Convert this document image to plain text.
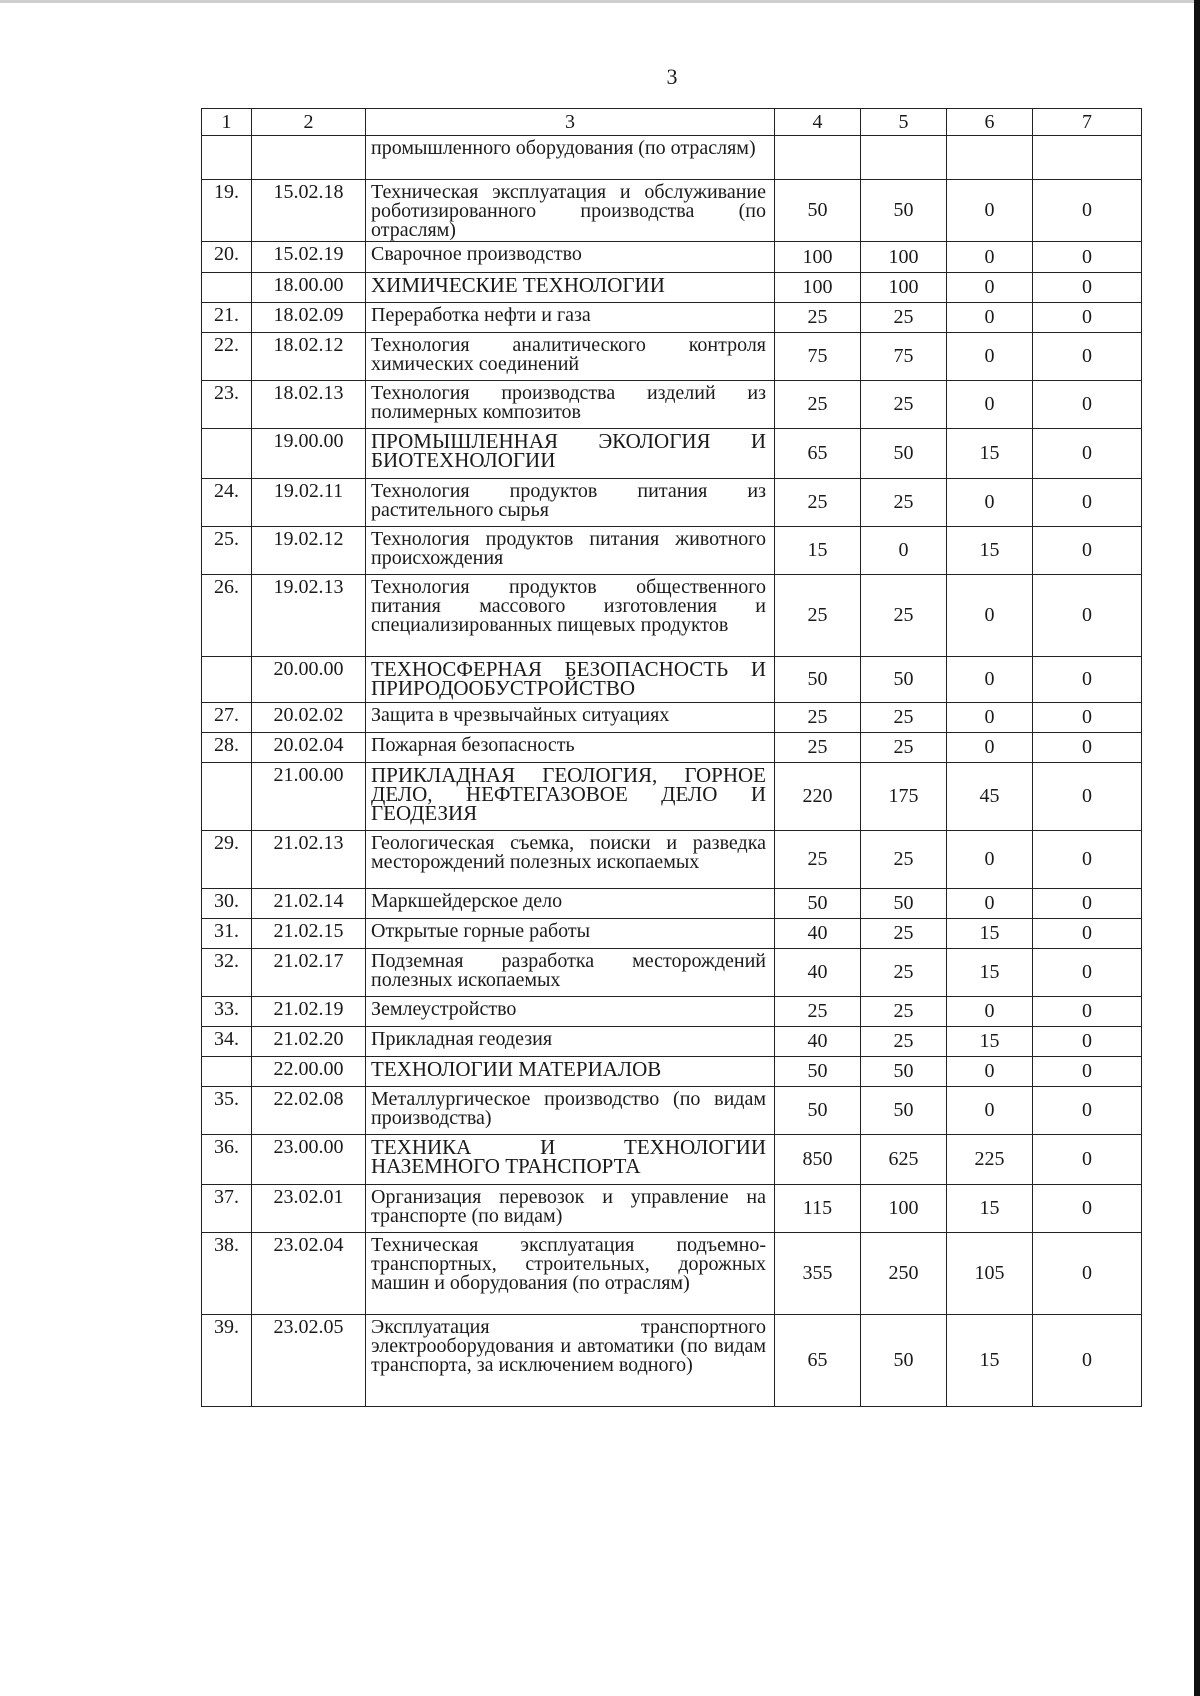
3
1	2	3	4	5	6	7
		промышленного оборудования (по отраслям)				
19.	15.02.18	Техническая эксплуатация и обслуживание роботизированного производства (по отраслям)	50	50	0	0
20.	15.02.19	Сварочное производство	100	100	0	0
	18.00.00	ХИМИЧЕСКИЕ ТЕХНОЛОГИИ	100	100	0	0
21.	18.02.09	Переработка нефти и газа	25	25	0	0
22.	18.02.12	Технология аналитического контроля химических соединений	75	75	0	0
23.	18.02.13	Технология производства изделий из полимерных композитов	25	25	0	0
	19.00.00	ПРОМЫШЛЕННАЯ ЭКОЛОГИЯ И БИОТЕХНОЛОГИИ	65	50	15	0
24.	19.02.11	Технология продуктов питания из растительного сырья	25	25	0	0
25.	19.02.12	Технология продуктов питания животного происхождения	15	0	15	0
26.	19.02.13	Технология продуктов общественного питания массового изготовления и специализированных пищевых продуктов	25	25	0	0
	20.00.00	ТЕХНОСФЕРНАЯ БЕЗОПАСНОСТЬ И ПРИРОДООБУСТРОЙСТВО	50	50	0	0
27.	20.02.02	Защита в чрезвычайных ситуациях	25	25	0	0
28.	20.02.04	Пожарная безопасность	25	25	0	0
	21.00.00	ПРИКЛАДНАЯ ГЕОЛОГИЯ, ГОРНОЕ ДЕЛО, НЕФТЕГАЗОВОЕ ДЕЛО И ГЕОДЕЗИЯ	220	175	45	0
29.	21.02.13	Геологическая съемка, поиски и разведка месторождений полезных ископаемых	25	25	0	0
30.	21.02.14	Маркшейдерское дело	50	50	0	0
31.	21.02.15	Открытые горные работы	40	25	15	0
32.	21.02.17	Подземная разработка месторождений полезных ископаемых	40	25	15	0
33.	21.02.19	Землеустройство	25	25	0	0
34.	21.02.20	Прикладная геодезия	40	25	15	0
	22.00.00	ТЕХНОЛОГИИ МАТЕРИАЛОВ	50	50	0	0
35.	22.02.08	Металлургическое производство (по видам производства)	50	50	0	0
36.	23.00.00	ТЕХНИКА И ТЕХНОЛОГИИ НАЗЕМНОГО ТРАНСПОРТА	850	625	225	0
37.	23.02.01	Организация перевозок и управление на транспорте (по видам)	115	100	15	0
38.	23.02.04	Техническая эксплуатация подъемно-транспортных, строительных, дорожных машин и оборудования (по отраслям)	355	250	105	0
39.	23.02.05	Эксплуатация транспортного электрооборудования и автоматики (по видам транспорта, за исключением водного)	65	50	15	0
